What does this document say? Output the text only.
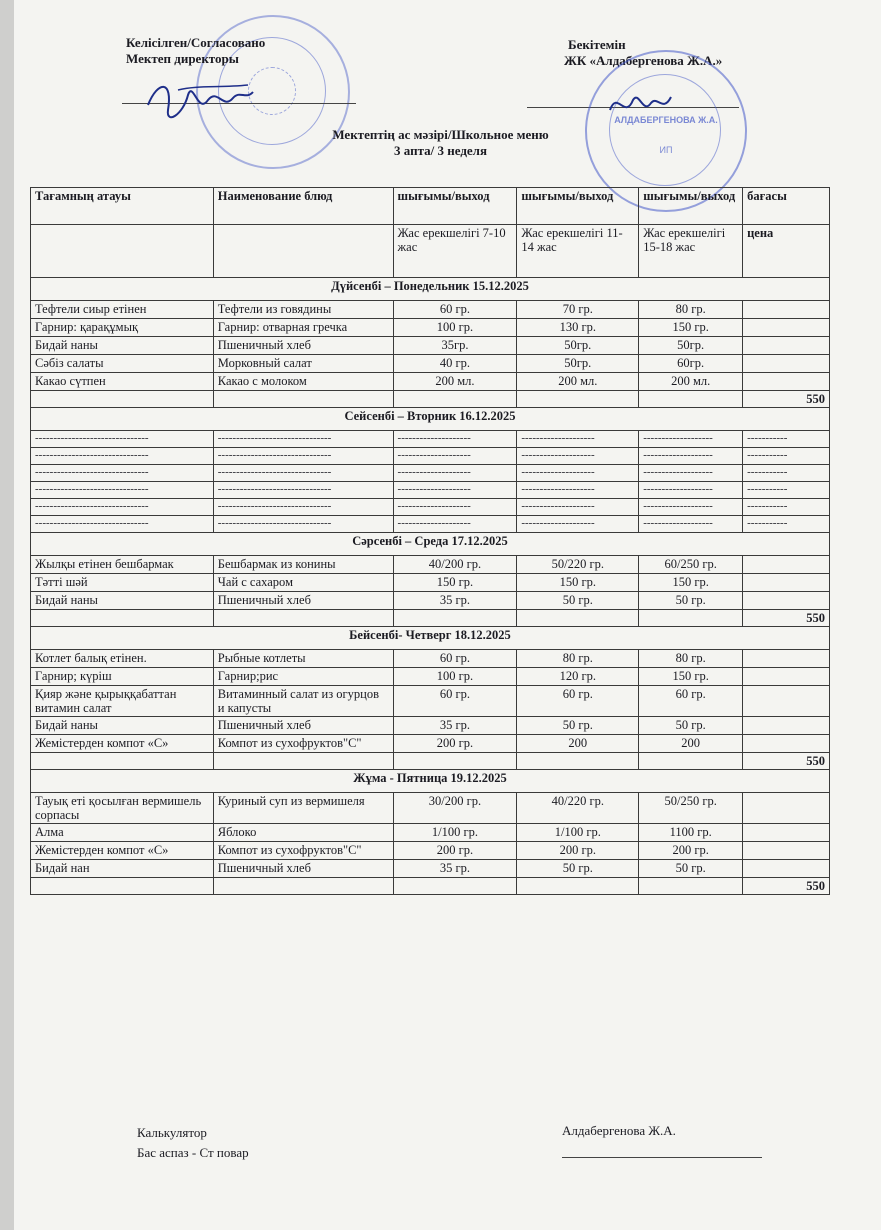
Келісілген/Согласовано
Мектеп директоры
Бекітемін
ЖК «Алдабергенова Ж.А.»
АЛДАБЕРГЕНОВА Ж.А.
ИП
Мектептің ас мәзірі/Школьное меню
3 апта/ 3 неделя
Тағамның атауы	Наименование блюд	шығымы/выход	шығымы/выход	шығымы/выход	бағасы
		Жас ерекшелігі 7-10 жас	Жас ерекшелігі 11-14 жас	Жас ерекшелігі 15-18 жас	цена
Дүйсенбі – Понедельник 15.12.2025					
Тефтели сиыр етінен	Тефтели из говядины	60 гр.	70 гр.	80 гр.	
Гарнир: қарақұмық	Гарнир: отварная гречка	100 гр.	130 гр.	150 гр.	
Бидай наны	Пшеничный хлеб	35гр.	50гр.	50гр.	
Сәбіз салаты	Морковный салат	40 гр.	50гр.	60гр.	
Какао сүтпен	Какао с молоком	200 мл.	200 мл.	200 мл.	
					550
Сейсенбі – Вторник 16.12.2025					
-------------------------------	-------------------------------	--------------------	--------------------	-------------------	-----------
-------------------------------	-------------------------------	--------------------	--------------------	-------------------	-----------
-------------------------------	-------------------------------	--------------------	--------------------	-------------------	-----------
-------------------------------	-------------------------------	--------------------	--------------------	-------------------	-----------
-------------------------------	-------------------------------	--------------------	--------------------	-------------------	-----------
-------------------------------	-------------------------------	--------------------	--------------------	-------------------	-----------
Сәрсенбі – Среда 17.12.2025					
Жылқы етінен бешбармак	Бешбармак из конины	40/200 гр.	50/220 гр.	60/250 гр.	
Тәтті шәй	Чай с сахаром	150 гр.	150 гр.	150 гр.	
Бидай наны	Пшеничный хлеб	35 гр.	50 гр.	50 гр.	
					550
Бейсенбі- Четверг 18.12.2025					
Котлет балық етінен.	Рыбные котлеты	60 гр.	80 гр.	80 гр.	
Гарнир; күріш	Гарнир;рис	100 гр.	120 гр.	150 гр.	
Қияр және қырыққабаттан витамин салат	Витаминный салат из огурцов и капусты	60 гр.	60 гр.	60 гр.	
Бидай наны	Пшеничный хлеб	35 гр.	50 гр.	50 гр.	
Жемістерден компот «С»	Компот из сухофруктов"С"	200 гр.	200	200	
					550
Жұма - Пятница 19.12.2025					
Тауық еті қосылған вермишель сорпасы	Куриный суп из вермишеля	30/200 гр.	40/220 гр.	50/250 гр.	
Алма	Яблоко	1/100 гр.	1/100 гр.	1100 гр.	
Жемістерден компот «С»	Компот из сухофруктов"С"	200 гр.	200 гр.	200 гр.	
Бидай нан	Пшеничный хлеб	35 гр.	50 гр.	50 гр.	
					550
Калькулятор
Бас аспаз - Ст повар
Алдабергенова Ж.А.
